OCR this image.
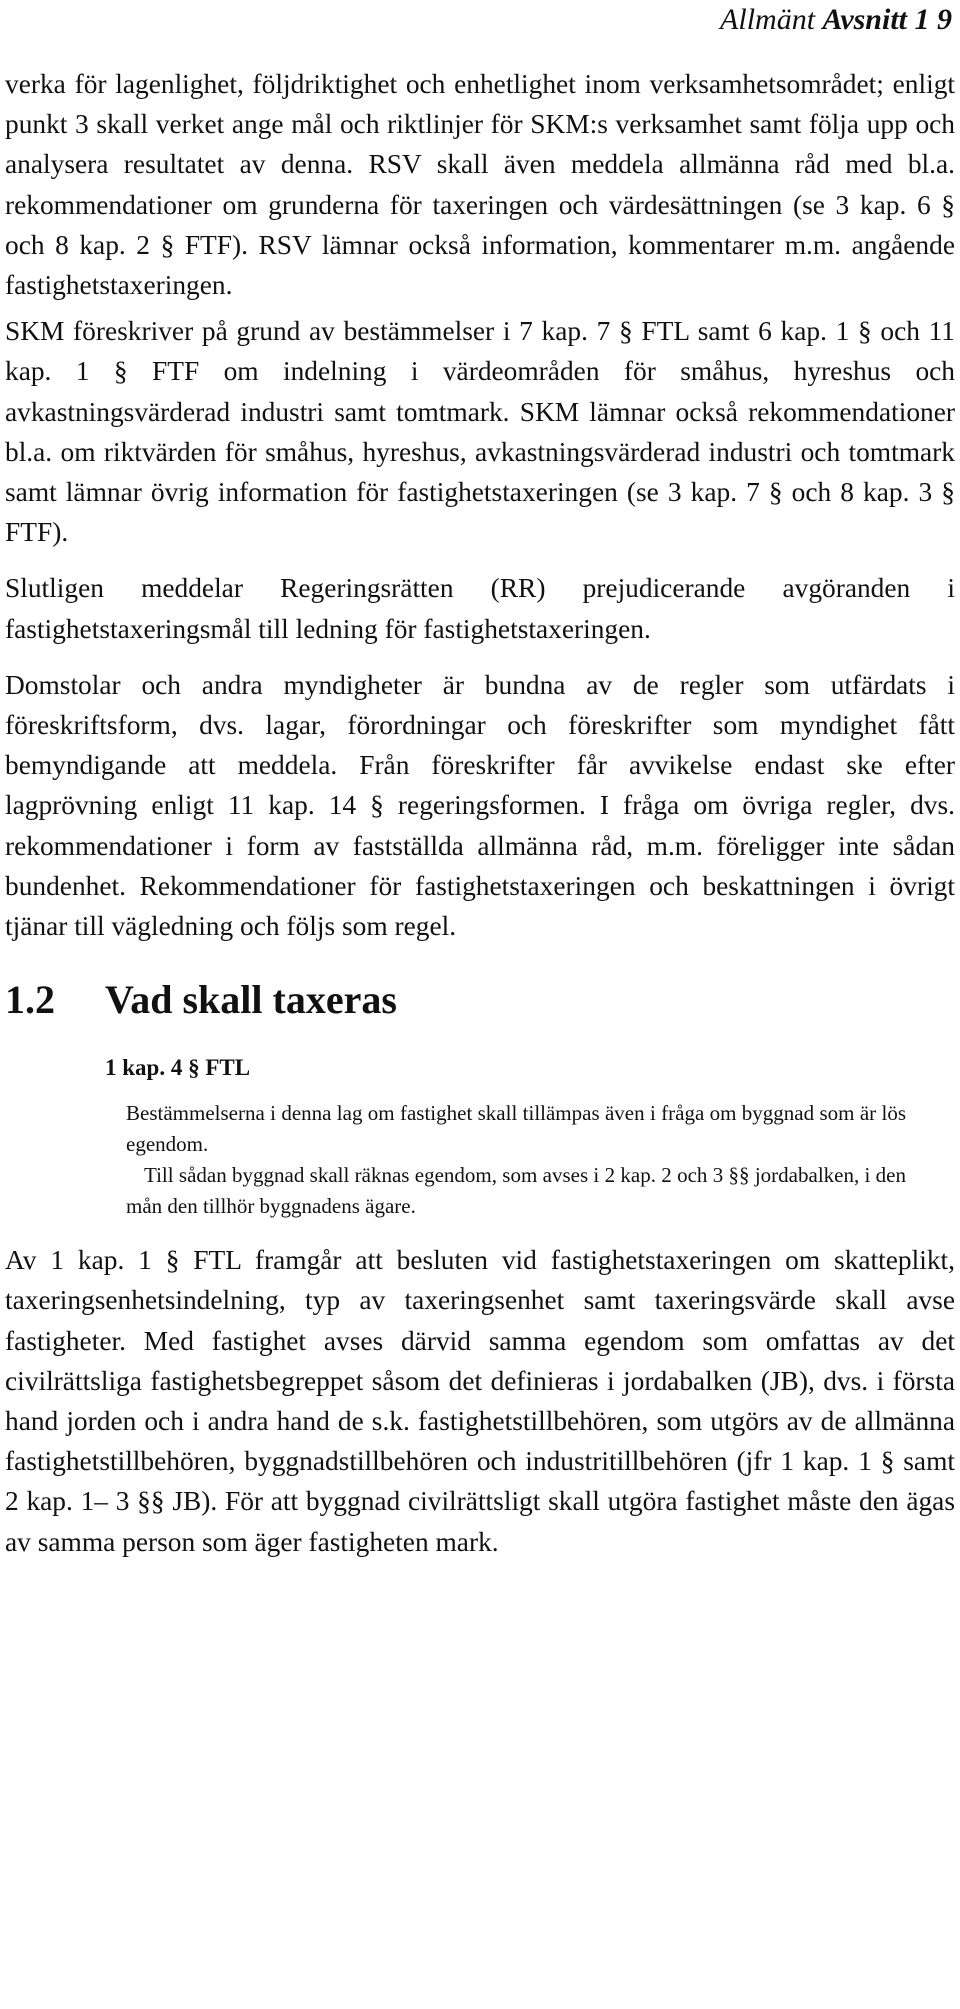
Allmänt Avsnitt 1 9

verka för lagenlighet, följdriktighet och enhetlighet inom verksamhetsområdet; enligt punkt 3 skall verket ange mål och riktlinjer för SKM:s verksamhet samt följa upp och analysera resultatet av denna. RSV skall även meddela allmänna råd med bl.a. rekommendationer om grunderna för taxeringen och värdesättningen (se 3 kap. 6 § och 8 kap. 2 § FTF). RSV lämnar också information, kommentarer m.m. angående fastighetstaxeringen.

SKM föreskriver på grund av bestämmelser i 7 kap. 7 § FTL samt 6 kap. 1 § och 11 kap. 1 § FTF om indelning i värdeområden för småhus, hyreshus och avkastningsvärderad industri samt tomtmark. SKM lämnar också rekommendationer bl.a. om riktvärden för småhus, hyreshus, avkastningsvärderad industri och tomtmark samt lämnar övrig information för fastighetstaxeringen (se 3 kap. 7 § och 8 kap. 3 § FTF).

Slutligen meddelar Regeringsrätten (RR) prejudicerande avgöranden i fastighetstaxeringsmål till ledning för fastighetstaxeringen.

Domstolar och andra myndigheter är bundna av de regler som utfärdats i föreskriftsform, dvs. lagar, förordningar och föreskrifter som myndighet fått bemyndigande att meddela. Från föreskrifter får avvikelse endast ske efter lagprövning enligt 11 kap. 14 § regeringsformen. I fråga om övriga regler, dvs. rekommendationer i form av fastställda allmänna råd, m.m. föreligger inte sådan bundenhet. Rekommendationer för fastighetstaxeringen och beskattningen i övrigt tjänar till vägledning och följs som regel.

1.2	Vad skall taxeras
1 kap. 4 § FTL

Bestämmelserna i denna lag om fastighet skall tillämpas även i fråga om byggnad som är lös egendom.

Till sådan byggnad skall räknas egendom, som avses i 2 kap. 2 och 3 §§ jordabalken, i den mån den tillhör byggnadens ägare.

Av 1 kap. 1 § FTL framgår att besluten vid fastighetstaxeringen om skatteplikt, taxeringsenhetsindelning, typ av taxeringsenhet samt taxeringsvärde skall avse fastigheter. Med fastighet avses därvid samma egendom som omfattas av det civilrättsliga fastighetsbegreppet såsom det definieras i jordabalken (JB), dvs. i första hand jorden och i andra hand de s.k. fastighetstillbehören, som utgörs av de allmänna fastighetstillbehören, byggnadstillbehören och industritillbehören (jfr 1 kap. 1 § samt 2 kap. 1– 3 §§ JB). För att byggnad civilrättsligt skall utgöra fastighet måste den ägas av samma person som äger fastigheten mark.
